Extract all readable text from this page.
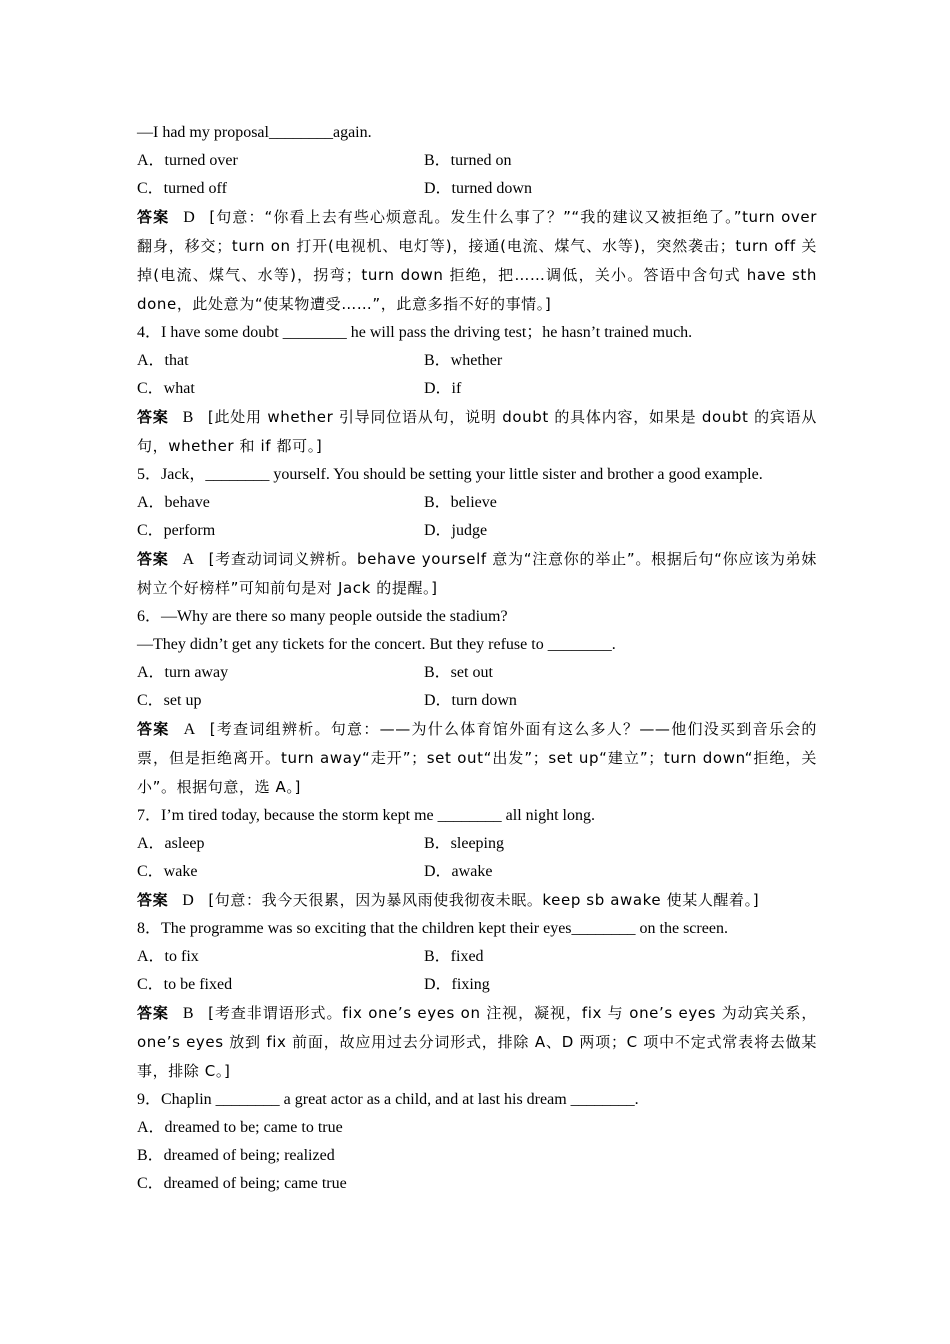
—I had my proposal________again.
A．turned over	B．turned on
C．turned off	D．turned down
答案 D [句意：“你看上去有些心烦意乱。发生什么事了？”“我的建议又被拒绝了。”turn over 翻身，移交；turn on 打开(电视机、电灯等)，接通(电流、煤气、水等)，突然袭击；turn off 关掉(电流、煤气、水等)，拐弯；turn down 拒绝，把……调低，关小。答语中含句式 have sth done，此处意为“使某物遭受……”，此意多指不好的事情。]
4．I have some doubt ________ he will pass the driving test；he hasn’t trained much.
A．that	B．whether
C．what	D．if
答案 B [此处用 whether 引导同位语从句，说明 doubt 的具体内容，如果是 doubt 的宾语从句，whether 和 if 都可。]
5．Jack，________ yourself. You should be setting your little sister and brother a good example.
A．behave	B．believe
C．perform	D．judge
答案 A [考查动词词义辨析。behave yourself 意为“注意你的举止”。根据后句“你应该为弟妹树立个好榜样”可知前句是对 Jack 的提醒。]
6．—Why are there so many people outside the stadium?
—They didn’t get any tickets for the concert. But they refuse to ________.
A．turn away	B．set out
C．set up	D．turn down
答案 A [考查词组辨析。句意：——为什么体育馆外面有这么多人？——他们没买到音乐会的票，但是拒绝离开。turn away“走开”；set out“出发”；set up“建立”；turn down“拒绝，关小”。根据句意，选 A。]
7．I’m tired today, because the storm kept me ________ all night long.
A．asleep	B．sleeping
C．wake	D．awake
答案 D [句意：我今天很累，因为暴风雨使我彻夜未眠。keep sb awake 使某人醒着。]
8．The programme was so exciting that the children kept their eyes________ on the screen.
A．to fix	B．fixed
C．to be fixed	D．fixing
答案 B [考查非谓语形式。fix one’s eyes on 注视，凝视，fix 与 one’s eyes 为动宾关系，one’s eyes 放到 fix 前面，故应用过去分词形式，排除 A、D 两项；C 项中不定式常表将去做某事，排除 C。]
9．Chaplin ________ a great actor as a child, and at last his dream ________.
A．dreamed to be; came to true
B．dreamed of being; realized
C．dreamed of being; came true
